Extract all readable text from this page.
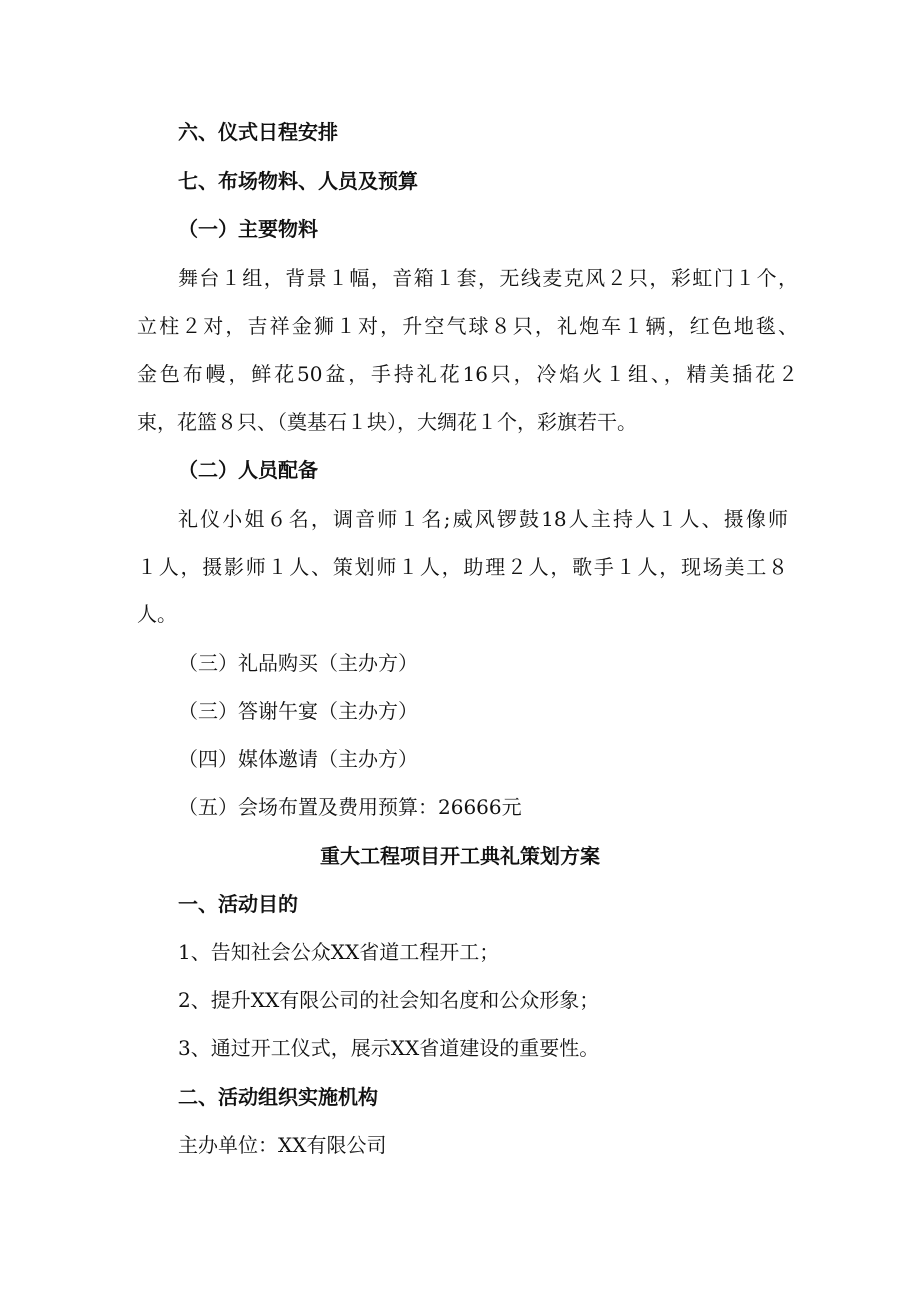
六、仪式日程安排
七、布场物料、人员及预算
（一）主要物料
舞台１组，背景１幅，音箱１套，无线麦克风２只，彩虹门１个，
立柱２对，吉祥金狮１对，升空气球８只，礼炮车１辆，红色地毯、
金色布幔，鲜花50盆，手持礼花16只，冷焰火１组、，精美插花２
束，花篮８只、（奠基石１块），大绸花１个，彩旗若干。
（二）人员配备
礼仪小姐６名，调音师１名;威风锣鼓18人主持人１人、摄像师
１人，摄影师１人、策划师１人，助理２人，歌手１人，现场美工８
人。
（三）礼品购买（主办方）
（三）答谢午宴（主办方）
（四）媒体邀请（主办方）
（五）会场布置及费用预算：26666元
重大工程项目开工典礼策划方案
一、活动目的
1、告知社会公众XX省道工程开工；
2、提升XX有限公司的社会知名度和公众形象；
3、通过开工仪式，展示XX省道建设的重要性。
二、活动组织实施机构
主办单位：XX有限公司
